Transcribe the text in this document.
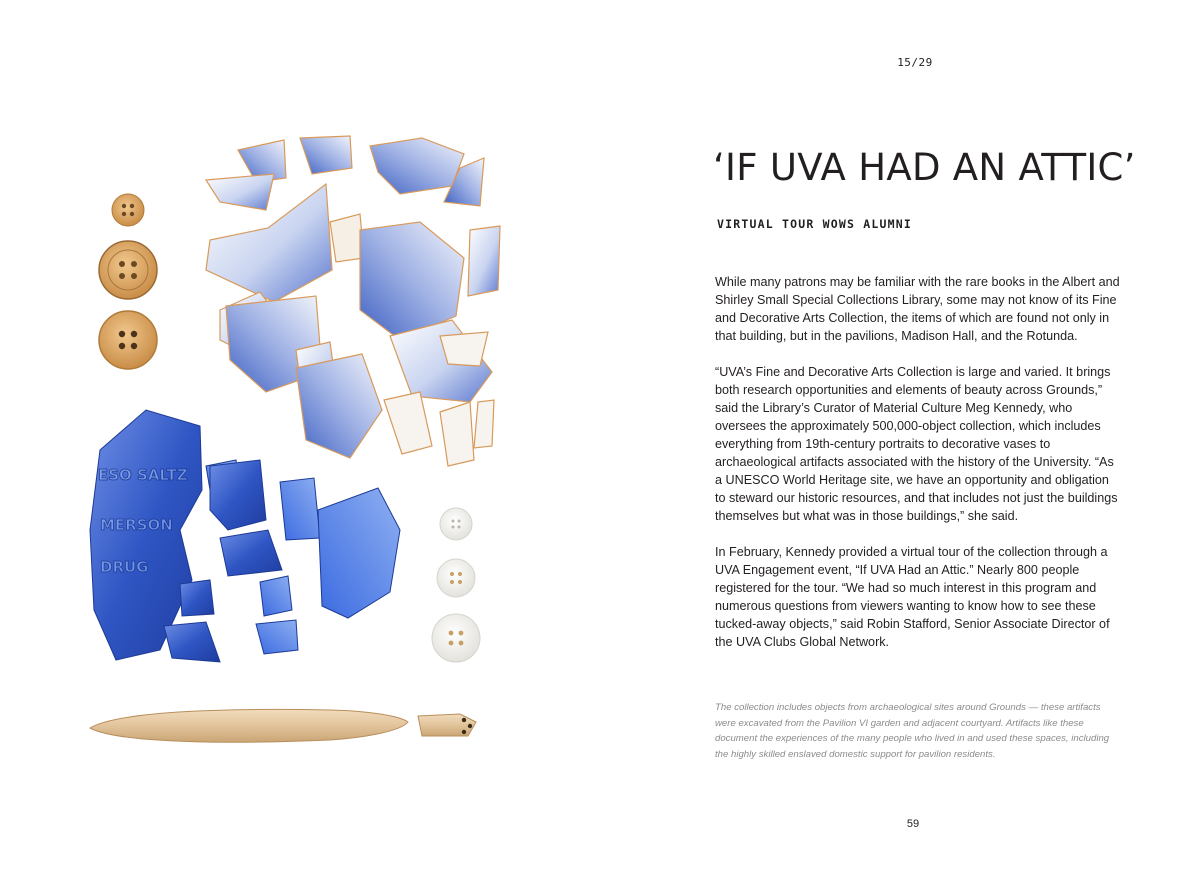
15/29
ESO SALTZ
MERSON
DRUG
‘IF UVA HAD AN ATTIC’
VIRTUAL TOUR WOWS ALUMNI

While many patrons may be familiar with the rare books in the Albert and Shirley Small Special Collections Library, some may not know of its Fine and Decorative Arts Collection, the items of which are found not only in that building, but in the pavilions, Madison Hall, and the Rotunda.

“UVA’s Fine and Decorative Arts Collection is large and varied. It brings both research opportunities and elements of beauty across Grounds,” said the Library’s Curator of Material Culture Meg Kennedy, who oversees the approximately 500,000-object collection, which includes everything from 19th-century portraits to decorative vases to archaeological artifacts associated with the history of the University. “As a UNESCO World Heritage site, we have an opportunity and obligation to steward our historic resources, and that includes not just the buildings themselves but what was in those buildings,” she said.

In February, Kennedy provided a virtual tour of the collection through a UVA Engagement event, “If UVA Had an Attic.” Nearly 800 people registered for the tour. “We had so much interest in this program and numerous questions from viewers wanting to know how to see these tucked-away objects,” said Robin Stafford, Senior Associate Director of the UVA Clubs Global Network.

The collection includes objects from archaeological sites around Grounds — these artifacts were excavated from the Pavilion VI garden and adjacent courtyard. Artifacts like these document the experiences of the many people who lived in and used these spaces, including the highly skilled enslaved domestic support for pavilion residents.

59
